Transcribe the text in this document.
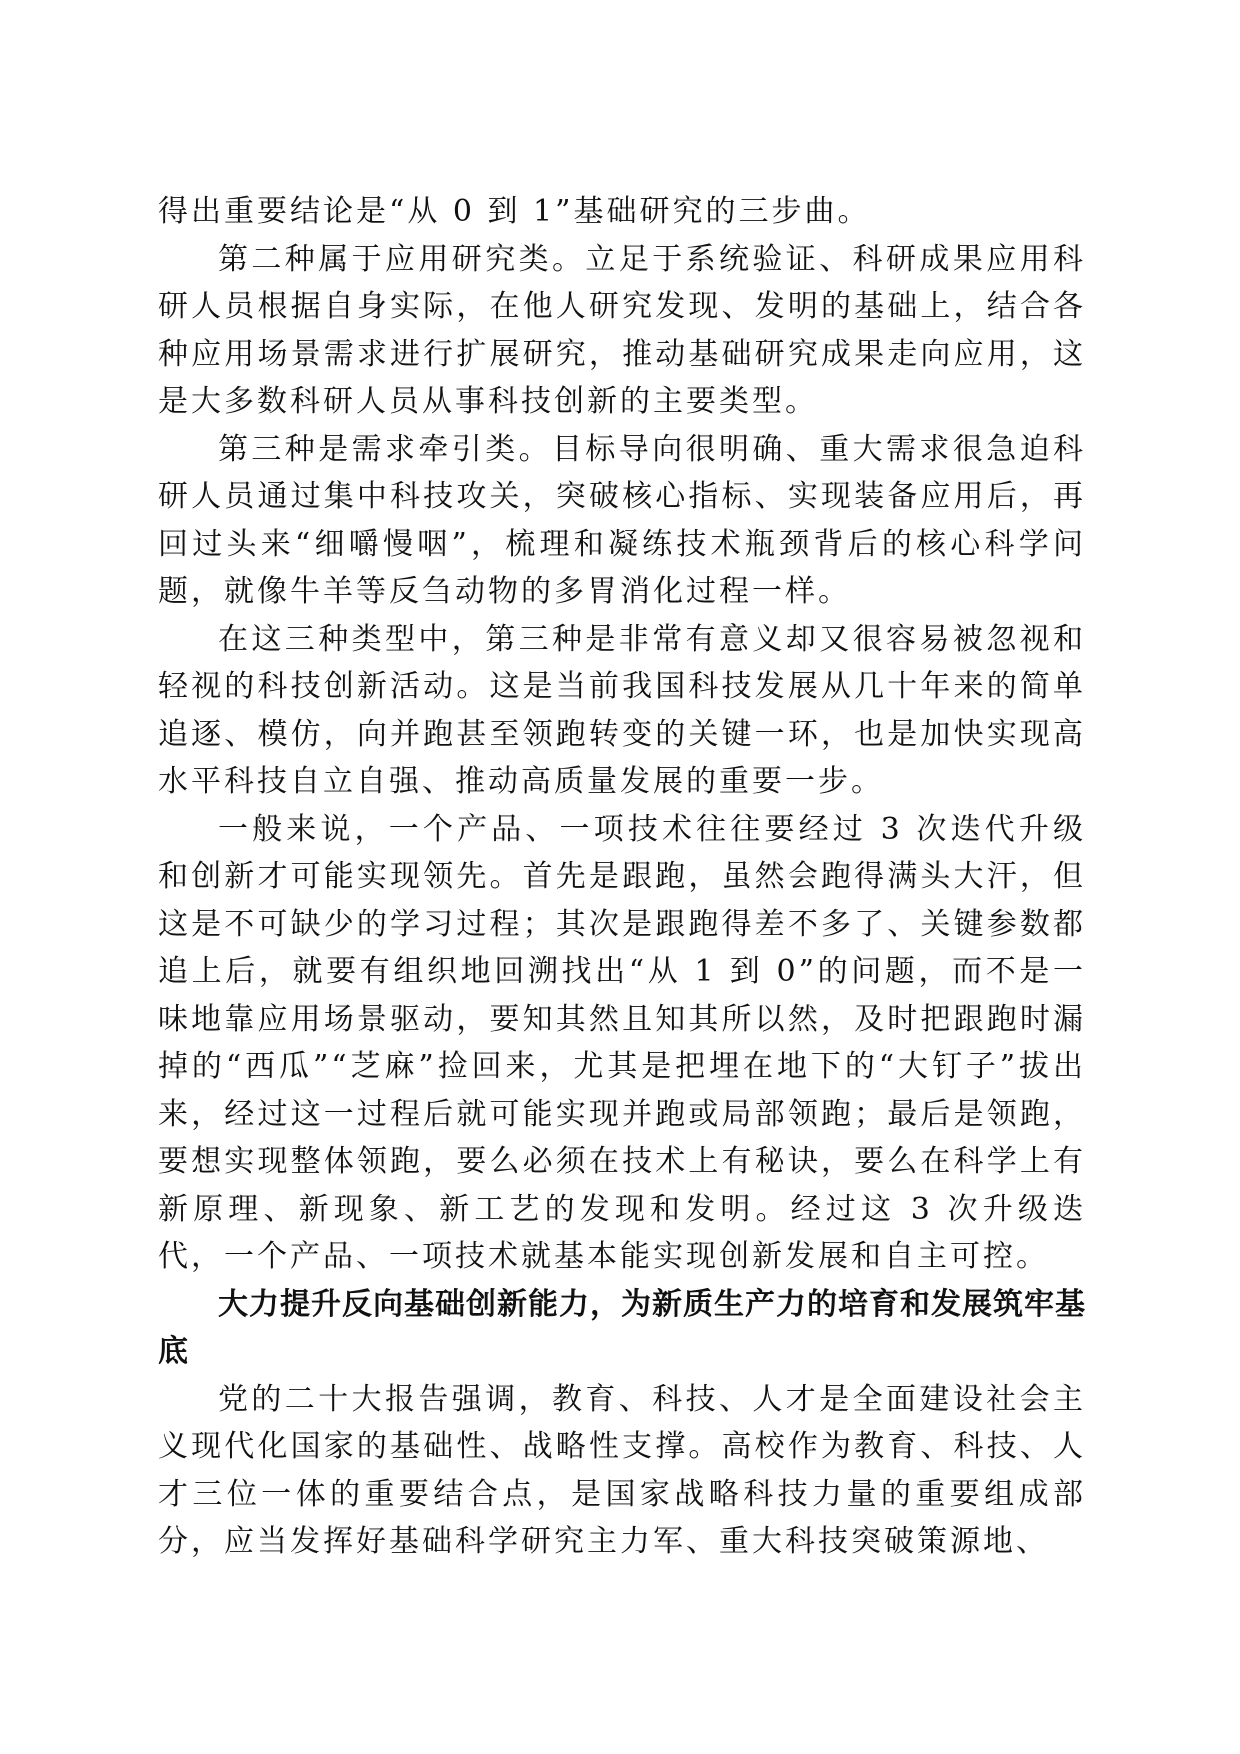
得出重要结论是“从 0 到 1”基础研究的三步曲。

第二种属于应用研究类。立足于系统验证、科研成果应用科研人员根据自身实际，在他人研究发现、发明的基础上，结合各种应用场景需求进行扩展研究，推动基础研究成果走向应用，这是大多数科研人员从事科技创新的主要类型。

第三种是需求牵引类。目标导向很明确、重大需求很急迫科研人员通过集中科技攻关，突破核心指标、实现装备应用后，再回过头来“细嚼慢咽”，梳理和凝练技术瓶颈背后的核心科学问题，就像牛羊等反刍动物的多胃消化过程一样。

在这三种类型中，第三种是非常有意义却又很容易被忽视和轻视的科技创新活动。这是当前我国科技发展从几十年来的简单追逐、模仿，向并跑甚至领跑转变的关键一环，也是加快实现高水平科技自立自强、推动高质量发展的重要一步。

一般来说，一个产品、一项技术往往要经过 3 次迭代升级和创新才可能实现领先。首先是跟跑，虽然会跑得满头大汗，但这是不可缺少的学习过程；其次是跟跑得差不多了、关键参数都追上后，就要有组织地回溯找出“从 1 到 0”的问题，而不是一味地靠应用场景驱动，要知其然且知其所以然，及时把跟跑时漏掉的“西瓜”“芝麻”捡回来，尤其是把埋在地下的“大钉子”拔出来，经过这一过程后就可能实现并跑或局部领跑；最后是领跑，要想实现整体领跑，要么必须在技术上有秘诀，要么在科学上有新原理、新现象、新工艺的发现和发明。经过这 3 次升级迭代，一个产品、一项技术就基本能实现创新发展和自主可控。

大力提升反向基础创新能力，为新质生产力的培育和发展筑牢基底

党的二十大报告强调，教育、科技、人才是全面建设社会主义现代化国家的基础性、战略性支撑。高校作为教育、科技、人才三位一体的重要结合点，是国家战略科技力量的重要组成部分，应当发挥好基础科学研究主力军、重大科技突破策源地、
